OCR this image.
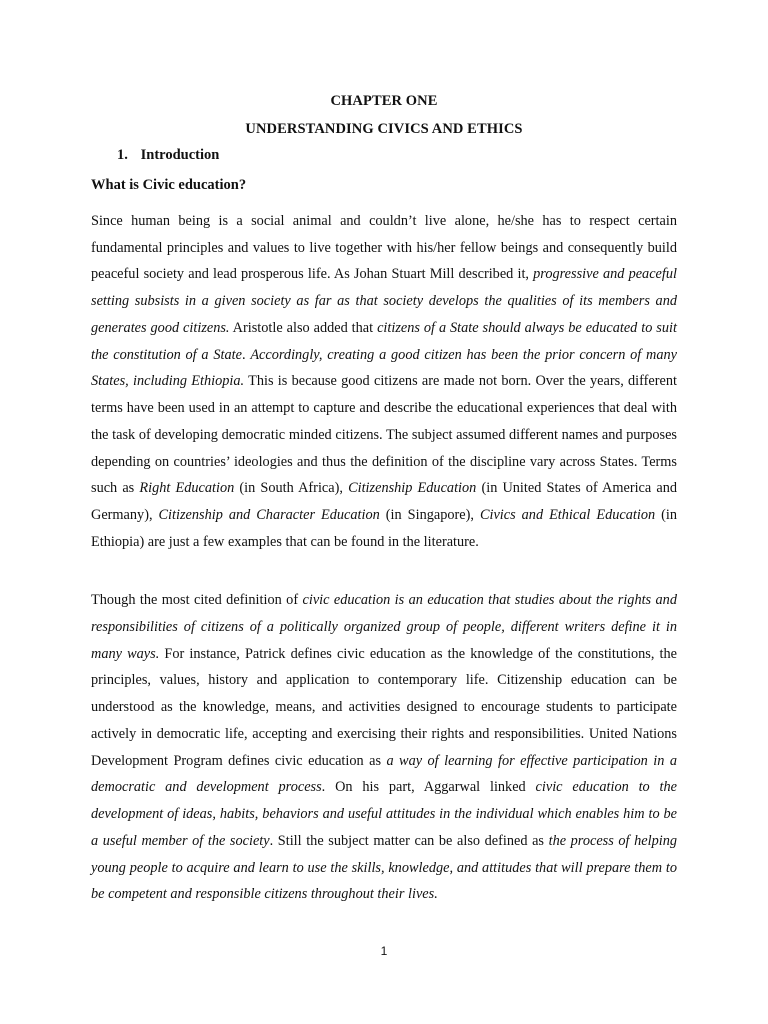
CHAPTER ONE
UNDERSTANDING CIVICS AND ETHICS
1. Introduction

Since human being is a social animal and couldn’t live alone, he/she has to respect certain fundamental principles and values to live together with his/her fellow beings and consequently build peaceful society and lead prosperous life. As Johan Stuart Mill described it, progressive and peaceful setting subsists in a given society as far as that society develops the qualities of its members and generates good citizens. Aristotle also added that citizens of a State should always be educated to suit the constitution of a State. Accordingly, creating a good citizen has been the prior concern of many States, including Ethiopia. This is because good citizens are made not born. Over the years, different terms have been used in an attempt to capture and describe the educational experiences that deal with the task of developing democratic minded citizens. The subject assumed different names and purposes depending on countries’ ideologies and thus the definition of the discipline vary across States. Terms such as Right Education (in South Africa), Citizenship Education (in United States of America and Germany), Citizenship and Character Education (in Singapore), Civics and Ethical Education (in Ethiopia) are just a few examples that can be found in the literature.

What is Civic education?

Though the most cited definition of civic education is an education that studies about the rights and responsibilities of citizens of a politically organized group of people, different writers define it in many ways. For instance, Patrick defines civic education as the knowledge of the constitutions, the principles, values, history and application to contemporary life. Citizenship education can be understood as the knowledge, means, and activities designed to encourage students to participate actively in democratic life, accepting and exercising their rights and responsibilities. United Nations Development Program defines civic education as a way of learning for effective participation in a democratic and development process. On his part, Aggarwal linked civic education to the development of ideas, habits, behaviors and useful attitudes in the individual which enables him to be a useful member of the society. Still the subject matter can be also defined as the process of helping young people to acquire and learn to use the skills, knowledge, and attitudes that will prepare them to be competent and responsible citizens throughout their lives.

1
